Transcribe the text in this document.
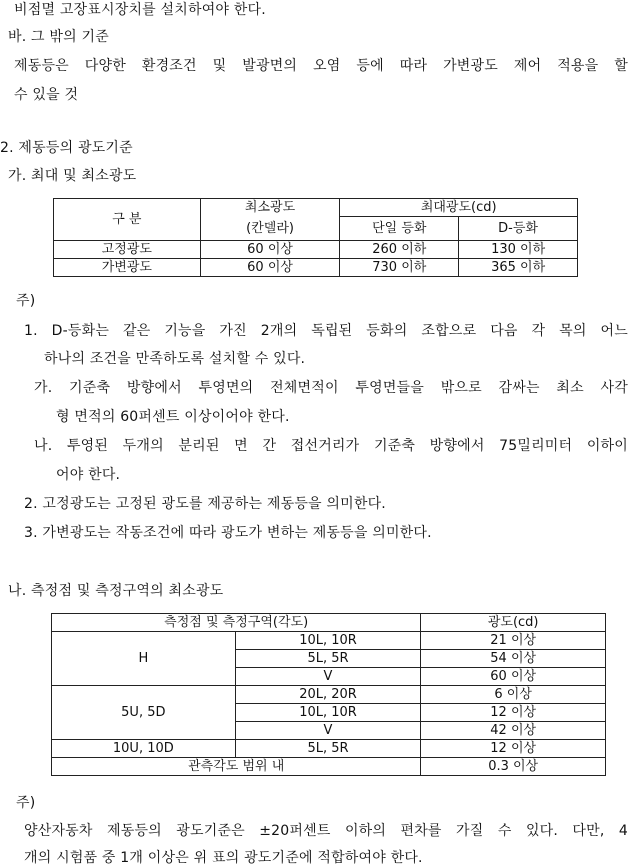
비점멸 고장표시장치를 설치하여야 한다.
바. 그 밖의 기준
제동등은 다양한 환경조건 및 발광면의 오염 등에 따라 가변광도 제어 적용을 할
수 있을 것
2. 제동등의 광도기준
가. 최대 및 최소광도
구 분	최소광도	최대광도(cd)	
	(칸델라)	단일 등화	D-등화
고정광도	60 이상	260 이하	130 이하
가변광도	60 이상	730 이하	365 이하
주)
1. D-등화는 같은 기능을 가진 2개의 독립된 등화의 조합으로 다음 각 목의 어느
하나의 조건을 만족하도록 설치할 수 있다.
가. 기준축 방향에서 투영면의 전체면적이 투영면들을 밖으로 감싸는 최소 사각
형 면적의 60퍼센트 이상이어야 한다.
나. 투영된 두개의 분리된 면 간 접선거리가 기준축 방향에서 75밀리미터 이하이
어야 한다.
2. 고정광도는 고정된 광도를 제공하는 제동등을 의미한다.
3. 가변광도는 작동조건에 따라 광도가 변하는 제동등을 의미한다.
나. 측정점 및 측정구역의 최소광도
측정점 및 측정구역(각도)		광도(cd)
H	10L, 10R	21 이상
	5L, 5R	54 이상
	V	60 이상
5U, 5D	20L, 20R	6 이상
	10L, 10R	12 이상
	V	42 이상
10U, 10D	5L, 5R	12 이상
관측각도 범위 내		0.3 이상
주)
양산자동차 제동등의 광도기준은 ±20퍼센트 이하의 편차를 가질 수 있다. 다만, 4
개의 시험품 중 1개 이상은 위 표의 광도기준에 적합하여야 한다.
